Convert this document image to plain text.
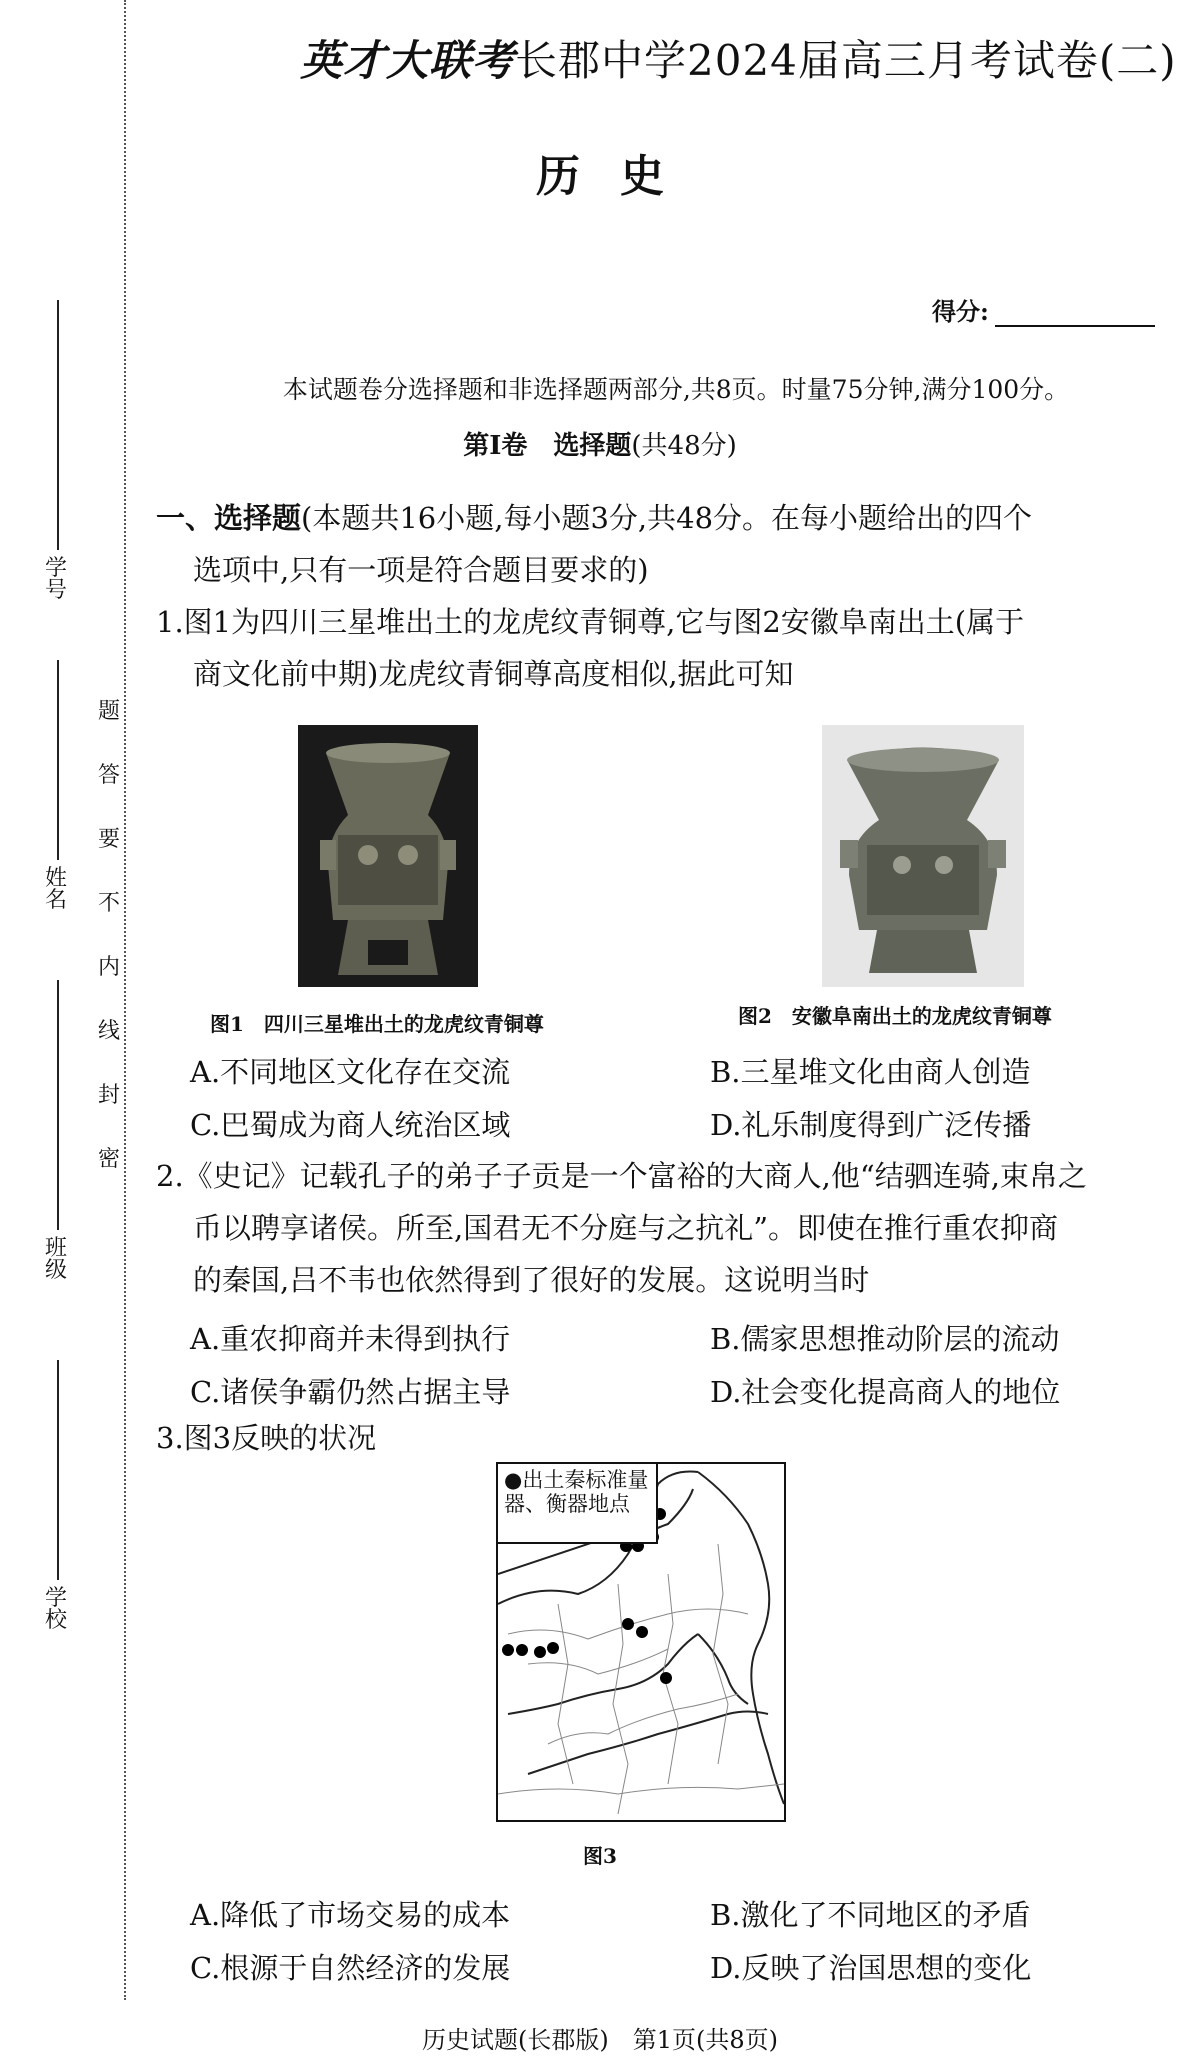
学号
姓名
班级
学校
题
答
要
不
内
线
封
密
英才大联考长郡中学2024届高三月考试卷(二)
历史
得分:
本试题卷分选择题和非选择题两部分,共8页。时量75分钟,满分100分。
第Ⅰ卷　选择题(共48分)
一、选择题(本题共16小题,每小题3分,共48分。在每小题给出的四个
选项中,只有一项是符合题目要求的)
1.图1为四川三星堆出土的龙虎纹青铜尊,它与图2安徽阜南出土(属于
商文化前中期)龙虎纹青铜尊高度相似,据此可知
图1　四川三星堆出土的龙虎纹青铜尊	图2　安徽阜南出土的龙虎纹青铜尊
A.不同地区文化存在交流	B.三星堆文化由商人创造
C.巴蜀成为商人统治区域	D.礼乐制度得到广泛传播
2.《史记》记载孔子的弟子子贡是一个富裕的大商人,他“结驷连骑,束帛之
币以聘享诸侯。所至,国君无不分庭与之抗礼”。即使在推行重农抑商
的秦国,吕不韦也依然得到了很好的发展。这说明当时
A.重农抑商并未得到执行	B.儒家思想推动阶层的流动
C.诸侯争霸仍然占据主导	D.社会变化提高商人的地位
3.图3反映的状况
●出土秦标准量器、衡器地点
图3
A.降低了市场交易的成本	B.激化了不同地区的矛盾
C.根源于自然经济的发展	D.反映了治国思想的变化
历史试题(长郡版)　第1页(共8页)
